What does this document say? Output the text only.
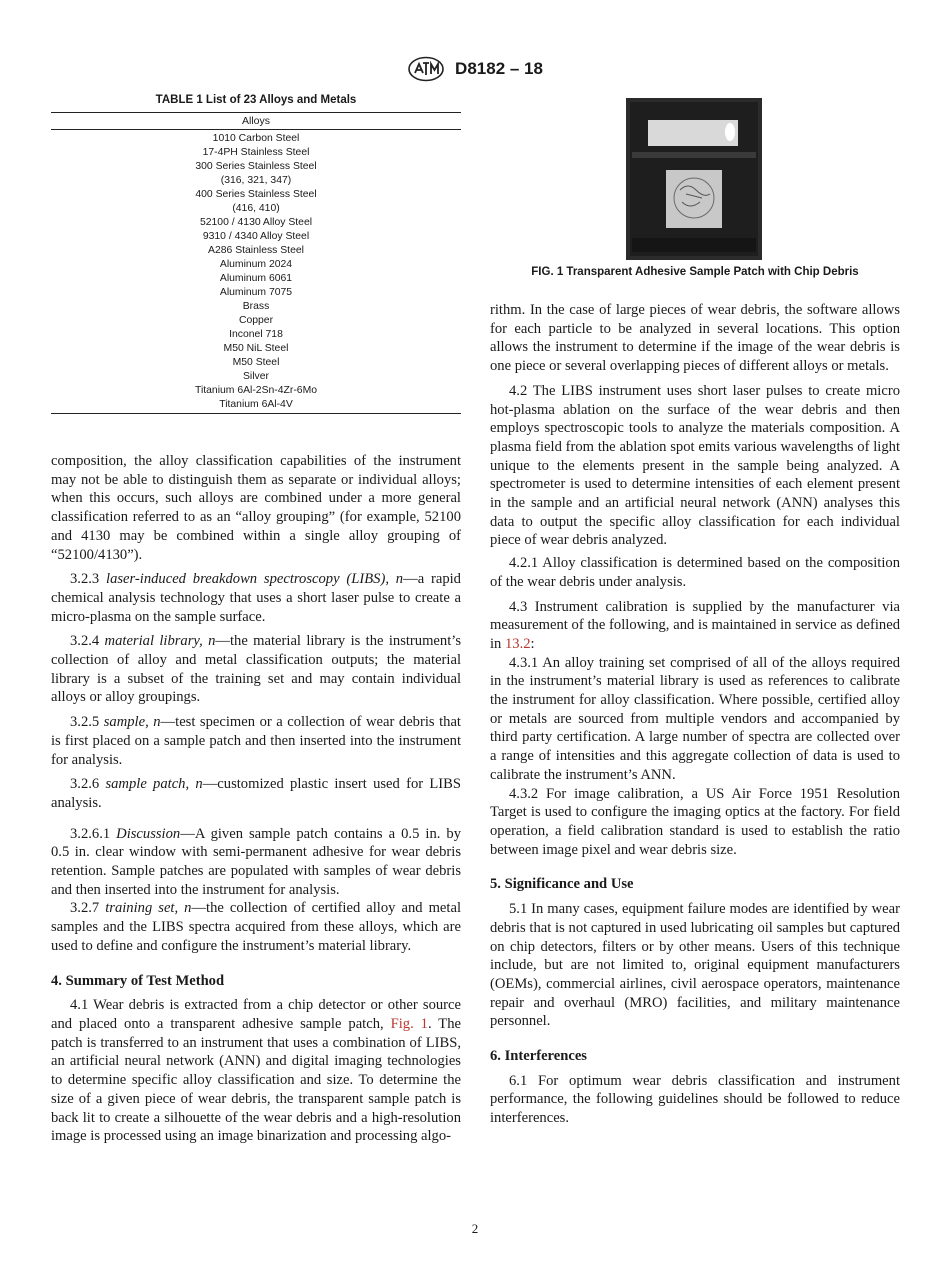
D8182 – 18
TABLE 1 List of 23 Alloys and Metals
Alloys
1010 Carbon Steel
17-4PH Stainless Steel
300 Series Stainless Steel
(316, 321, 347)
400 Series Stainless Steel
(416, 410)
52100 / 4130 Alloy Steel
9310 / 4340 Alloy Steel
A286 Stainless Steel
Aluminum 2024
Aluminum 6061
Aluminum 7075
Brass
Copper
Inconel 718
M50 NiL Steel
M50 Steel
Silver
Titanium 6Al-2Sn-4Zr-6Mo
Titanium 6Al-4V
FIG. 1 Transparent Adhesive Sample Patch with Chip Debris

composition, the alloy classification capabilities of the instrument may not be able to distinguish them as separate or individual alloys; when this occurs, such alloys are combined under a more general classification referred to as an “alloy grouping” (for example, 52100 and 4130 may be combined within a single alloy grouping of “52100/4130”).

3.2.3 laser-induced breakdown spectroscopy (LIBS), n—a rapid chemical analysis technology that uses a short laser pulse to create a micro-plasma on the sample surface.

3.2.4 material library, n—the material library is the instrument’s collection of alloy and metal classification outputs; the material library is a subset of the training set and may contain individual alloys or alloy groupings.

3.2.5 sample, n—test specimen or a collection of wear debris that is first placed on a sample patch and then inserted into the instrument for analysis.

3.2.6 sample patch, n—customized plastic insert used for LIBS analysis.

3.2.6.1 Discussion—A given sample patch contains a 0.5 in. by 0.5 in. clear window with semi-permanent adhesive for wear debris retention. Sample patches are populated with samples of wear debris and then inserted into the instrument for analysis.

3.2.7 training set, n—the collection of certified alloy and metal samples and the LIBS spectra acquired from these alloys, which are used to define and configure the instrument’s material library.

4. Summary of Test Method

4.1 Wear debris is extracted from a chip detector or other source and placed onto a transparent adhesive sample patch, Fig. 1. The patch is transferred to an instrument that uses a combination of LIBS, an artificial neural network (ANN) and digital imaging technologies to determine specific alloy classification and size. To determine the size of a given piece of wear debris, the transparent sample patch is back lit to create a silhouette of the wear debris and a high-resolution image is processed using an image binarization and processing algo-

rithm. In the case of large pieces of wear debris, the software allows for each particle to be analyzed in several locations. This option allows the instrument to determine if the image of the wear debris is one piece or several overlapping pieces of different alloys or metals.

4.2 The LIBS instrument uses short laser pulses to create micro hot-plasma ablation on the surface of the wear debris and then employs spectroscopic tools to analyze the materials composition. A plasma field from the ablation spot emits various wavelengths of light unique to the elements present in the sample being analyzed. A spectrometer is used to determine intensities of each element present in the sample and an artificial neural network (ANN) analyses this data to output the specific alloy classification for each individual piece of wear debris analyzed.

4.2.1 Alloy classification is determined based on the composition of the wear debris under analysis.

4.3 Instrument calibration is supplied by the manufacturer via measurement of the following, and is maintained in service as defined in 13.2:

4.3.1 An alloy training set comprised of all of the alloys required in the instrument’s material library is used as references to calibrate the instrument for alloy classification. Where possible, certified alloy or metals are sourced from multiple vendors and accompanied by third party certification. A large number of spectra are collected over a range of intensities and this aggregate collection of data is used to calibrate the instrument’s ANN.

4.3.2 For image calibration, a US Air Force 1951 Resolution Target is used to configure the imaging optics at the factory. For field operation, a field calibration standard is used to establish the ratio between image pixel and wear debris size.

5. Significance and Use

5.1 In many cases, equipment failure modes are identified by wear debris that is not captured in used lubricating oil samples but captured on chip detectors, filters or by other means. Users of this technique include, but are not limited to, original equipment manufacturers (OEMs), commercial airlines, civil aerospace operators, maintenance repair and overhaul (MRO) facilities, and military maintenance personnel.

6. Interferences

6.1 For optimum wear debris classification and instrument performance, the following guidelines should be followed to reduce interferences.

2
